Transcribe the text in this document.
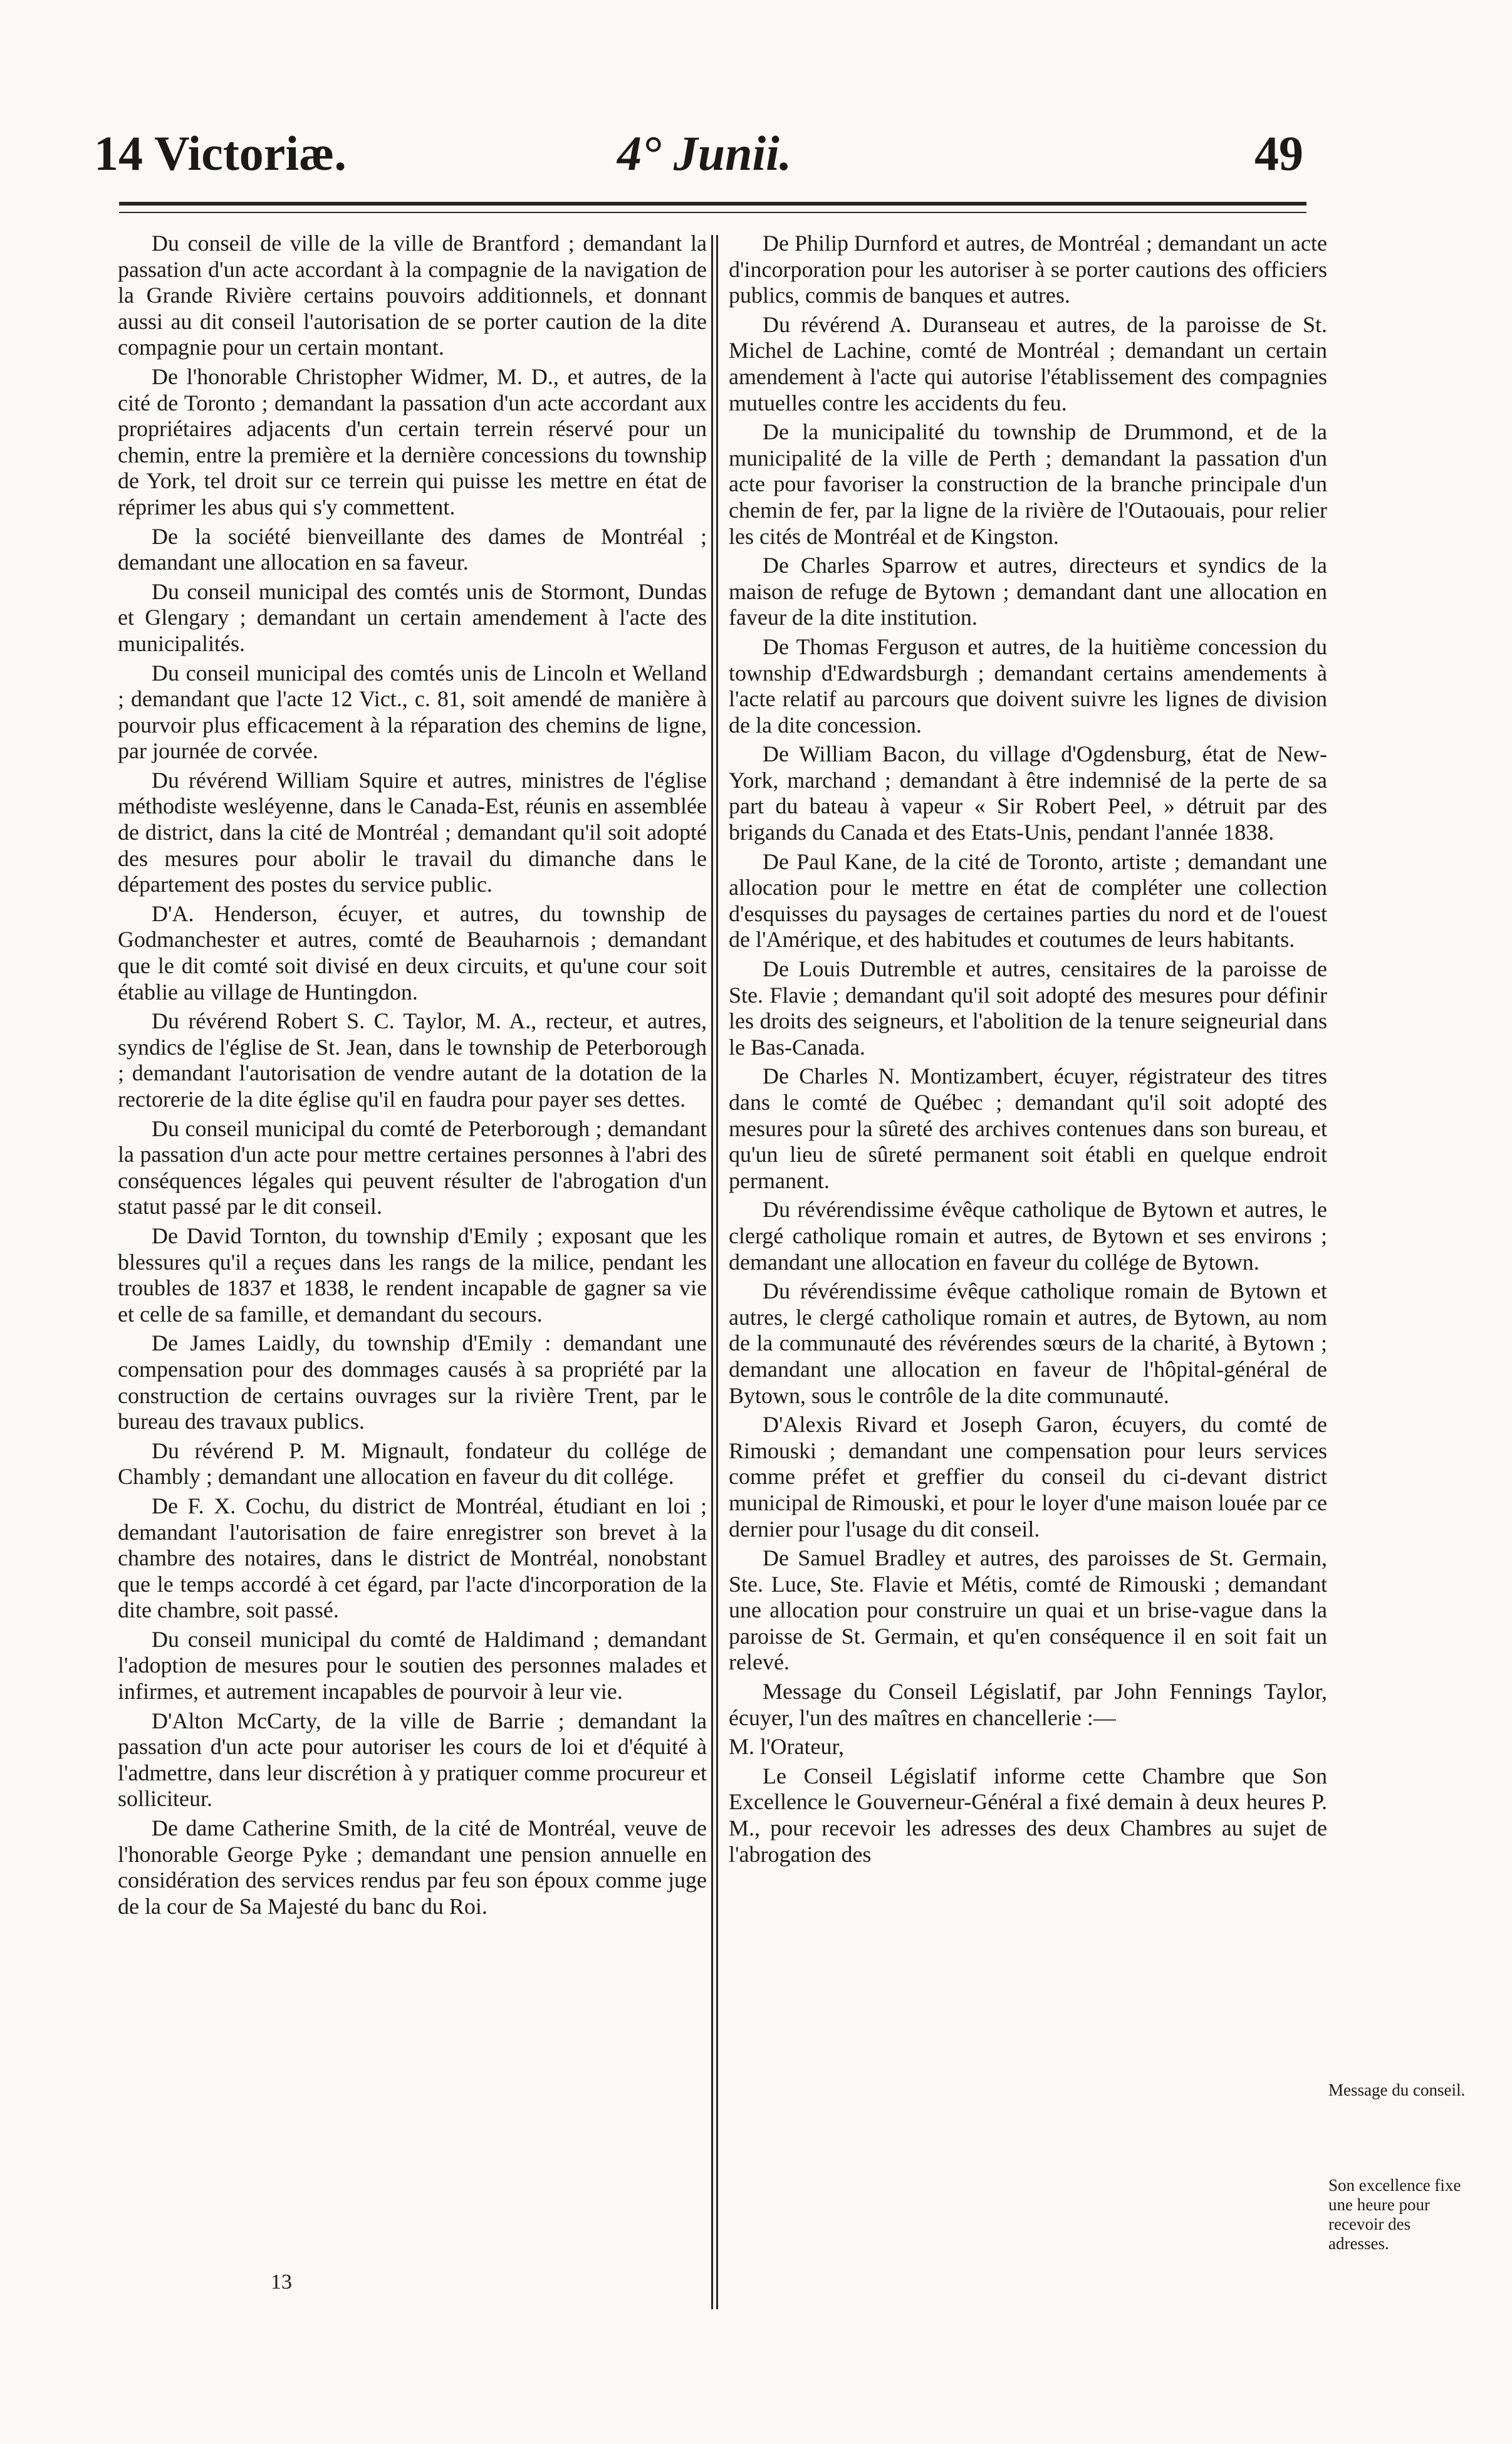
14 Victoriæ.	4° Junii.	49

Du conseil de ville de la ville de Brantford ; demandant la passation d'un acte accordant à la compagnie de la navigation de la Grande Rivière certains pouvoirs additionnels, et donnant aussi au dit conseil l'autorisation de se porter caution de la dite compagnie pour un certain montant.

De l'honorable Christopher Widmer, M. D., et autres, de la cité de Toronto ; demandant la passation d'un acte accordant aux propriétaires adjacents d'un certain terrein réservé pour un chemin, entre la première et la dernière concessions du township de York, tel droit sur ce terrein qui puisse les mettre en état de réprimer les abus qui s'y commettent.

De la société bienveillante des dames de Montréal ; demandant une allocation en sa faveur.

Du conseil municipal des comtés unis de Stormont, Dundas et Glengary ; demandant un certain amendement à l'acte des municipalités.

Du conseil municipal des comtés unis de Lincoln et Welland ; demandant que l'acte 12 Vict., c. 81, soit amendé de manière à pourvoir plus efficacement à la réparation des chemins de ligne, par journée de corvée.

Du révérend William Squire et autres, ministres de l'église méthodiste wesléyenne, dans le Canada-Est, réunis en assemblée de district, dans la cité de Montréal ; demandant qu'il soit adopté des mesures pour abolir le travail du dimanche dans le département des postes du service public.

D'A. Henderson, écuyer, et autres, du township de Godmanchester et autres, comté de Beauharnois ; demandant que le dit comté soit divisé en deux circuits, et qu'une cour soit établie au village de Huntingdon.

Du révérend Robert S. C. Taylor, M. A., recteur, et autres, syndics de l'église de St. Jean, dans le township de Peterborough ; demandant l'autorisation de vendre autant de la dotation de la rectorerie de la dite église qu'il en faudra pour payer ses dettes.

Du conseil municipal du comté de Peterborough ; demandant la passation d'un acte pour mettre certaines personnes à l'abri des conséquences légales qui peuvent résulter de l'abrogation d'un statut passé par le dit conseil.

De David Tornton, du township d'Emily ; exposant que les blessures qu'il a reçues dans les rangs de la milice, pendant les troubles de 1837 et 1838, le rendent incapable de gagner sa vie et celle de sa famille, et demandant du secours.

De James Laidly, du township d'Emily : demandant une compensation pour des dommages causés à sa propriété par la construction de certains ouvrages sur la rivière Trent, par le bureau des travaux publics.

Du révérend P. M. Mignault, fondateur du collége de Chambly ; demandant une allocation en faveur du dit collége.

De F. X. Cochu, du district de Montréal, étudiant en loi ; demandant l'autorisation de faire enregistrer son brevet à la chambre des notaires, dans le district de Montréal, nonobstant que le temps accordé à cet égard, par l'acte d'incorporation de la dite chambre, soit passé.

Du conseil municipal du comté de Haldimand ; demandant l'adoption de mesures pour le soutien des personnes malades et infirmes, et autrement incapables de pourvoir à leur vie.

D'Alton McCarty, de la ville de Barrie ; demandant la passation d'un acte pour autoriser les cours de loi et d'équité à l'admettre, dans leur discrétion à y pratiquer comme procureur et solliciteur.

De dame Catherine Smith, de la cité de Montréal, veuve de l'honorable George Pyke ; demandant une pension annuelle en considération des services rendus par feu son époux comme juge de la cour de Sa Majesté du banc du Roi.

De Philip Durnford et autres, de Montréal ; demandant un acte d'incorporation pour les autoriser à se porter cautions des officiers publics, commis de banques et autres.

Du révérend A. Duranseau et autres, de la paroisse de St. Michel de Lachine, comté de Montréal ; demandant un certain amendement à l'acte qui autorise l'établissement des compagnies mutuelles contre les accidents du feu.

De la municipalité du township de Drummond, et de la municipalité de la ville de Perth ; demandant la passation d'un acte pour favoriser la construction de la branche principale d'un chemin de fer, par la ligne de la rivière de l'Outaouais, pour relier les cités de Montréal et de Kingston.

De Charles Sparrow et autres, directeurs et syndics de la maison de refuge de Bytown ; demandant dant une allocation en faveur de la dite institution.

De Thomas Ferguson et autres, de la huitième concession du township d'Edwardsburgh ; demandant certains amendements à l'acte relatif au parcours que doivent suivre les lignes de division de la dite concession.

De William Bacon, du village d'Ogdensburg, état de New-York, marchand ; demandant à être indemnisé de la perte de sa part du bateau à vapeur « Sir Robert Peel, » détruit par des brigands du Canada et des Etats-Unis, pendant l'année 1838.

De Paul Kane, de la cité de Toronto, artiste ; demandant une allocation pour le mettre en état de compléter une collection d'esquisses du paysages de certaines parties du nord et de l'ouest de l'Amérique, et des habitudes et coutumes de leurs habitants.

De Louis Dutremble et autres, censitaires de la paroisse de Ste. Flavie ; demandant qu'il soit adopté des mesures pour définir les droits des seigneurs, et l'abolition de la tenure seigneurial dans le Bas-Canada.

De Charles N. Montizambert, écuyer, régistrateur des titres dans le comté de Québec ; demandant qu'il soit adopté des mesures pour la sûreté des archives contenues dans son bureau, et qu'un lieu de sûreté permanent soit établi en quelque endroit permanent.

Du révérendissime évêque catholique de Bytown et autres, le clergé catholique romain et autres, de Bytown et ses environs ; demandant une allocation en faveur du collége de Bytown.

Du révérendissime évêque catholique romain de Bytown et autres, le clergé catholique romain et autres, de Bytown, au nom de la communauté des révérendes sœurs de la charité, à Bytown ; demandant une allocation en faveur de l'hôpital-général de Bytown, sous le contrôle de la dite communauté.

D'Alexis Rivard et Joseph Garon, écuyers, du comté de Rimouski ; demandant une compensation pour leurs services comme préfet et greffier du conseil du ci-devant district municipal de Rimouski, et pour le loyer d'une maison louée par ce dernier pour l'usage du dit conseil.

De Samuel Bradley et autres, des paroisses de St. Germain, Ste. Luce, Ste. Flavie et Métis, comté de Rimouski ; demandant une allocation pour construire un quai et un brise-vague dans la paroisse de St. Germain, et qu'en conséquence il en soit fait un relevé.

Message du Conseil Législatif, par John Fennings Taylor, écuyer, l'un des maîtres en chancellerie :—

M. l'Orateur,

Le Conseil Législatif informe cette Chambre que Son Excellence le Gouverneur-Général a fixé demain à deux heures P. M., pour recevoir les adresses des deux Chambres au sujet de l'abrogation des

13
Message du conseil.
Son excellence fixe une heure pour recevoir des adresses.
